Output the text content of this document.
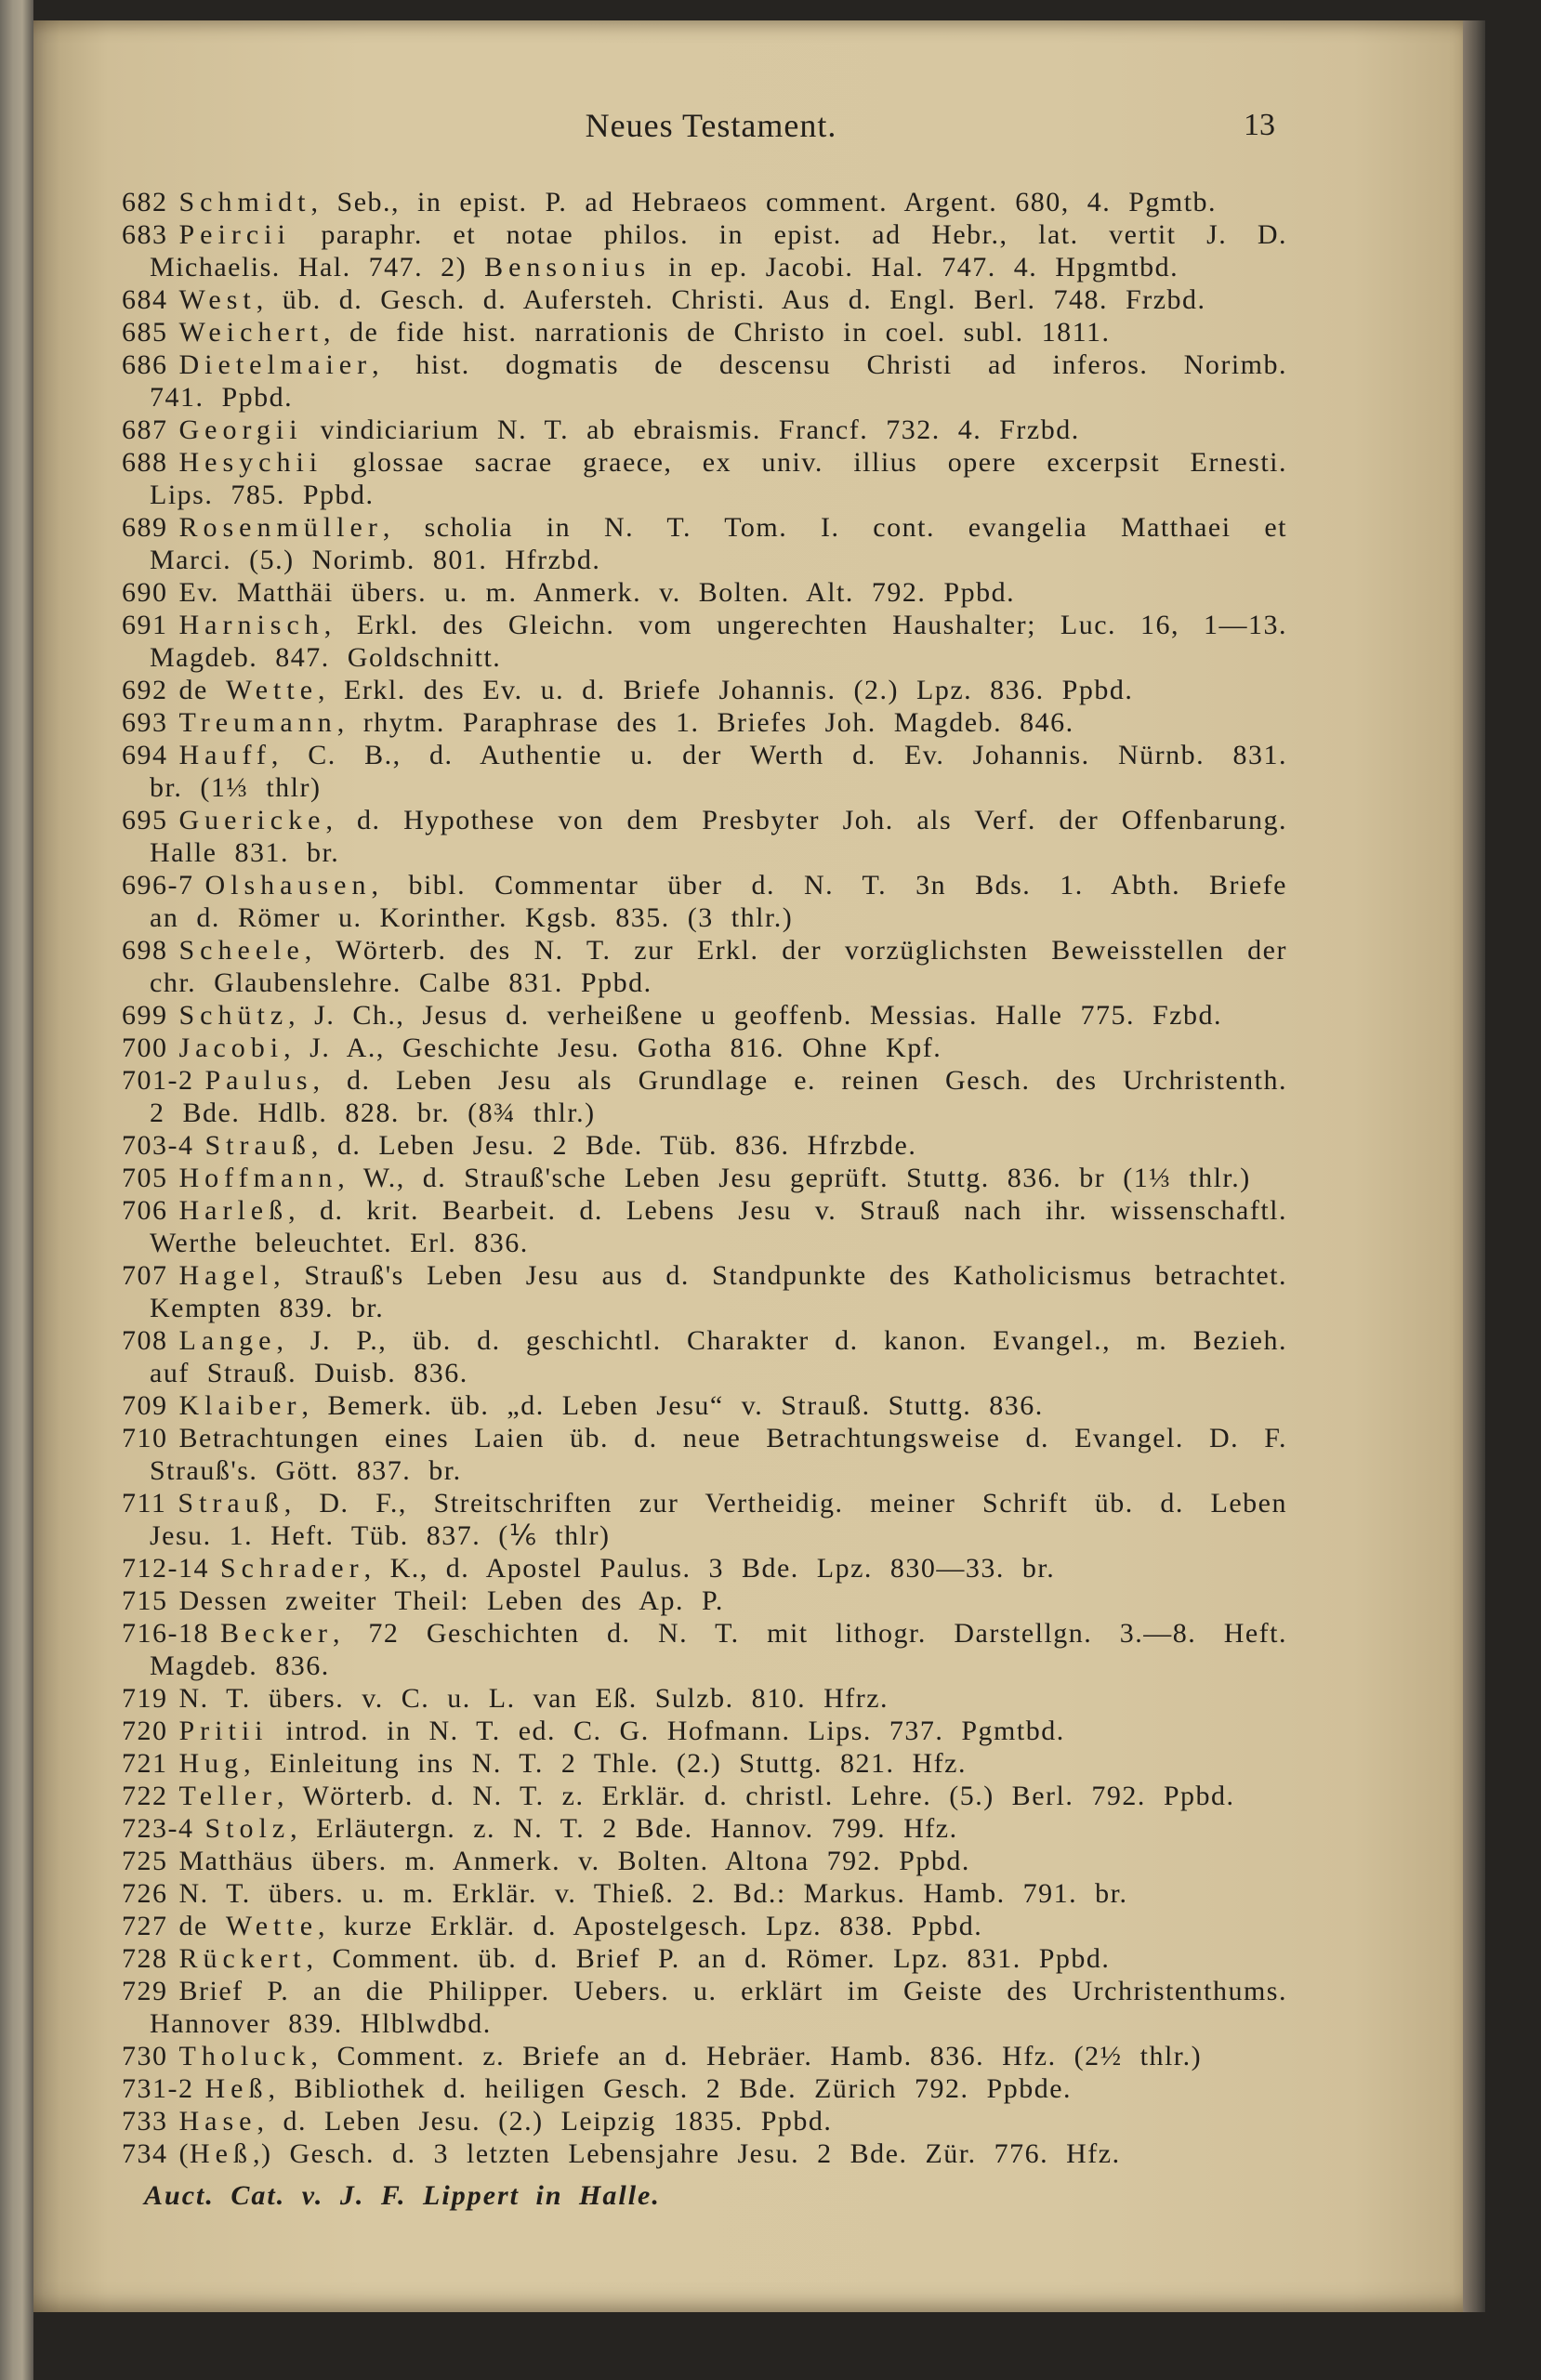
Neues Testament.	13
682 Schmidt, Seb., in epist. P. ad Hebraeos comment. Argent. 680, 4. Pgmtb.
683 Peircii paraphr. et notae philos. in epist. ad Hebr., lat. vertit J. D.
Michaelis. Hal. 747. 2) Bensonius in ep. Jacobi. Hal. 747. 4. Hpgmtbd.
684 West, üb. d. Gesch. d. Aufersteh. Christi. Aus d. Engl. Berl. 748. Frzbd.
685 Weichert, de fide hist. narrationis de Christo in coel. subl. 1811.
686 Dietelmaier, hist. dogmatis de descensu Christi ad inferos. Norimb.
741. Ppbd.
687 Georgii vindiciarium N. T. ab ebraismis. Francf. 732. 4. Frzbd.
688 Hesychii glossae sacrae graece, ex univ. illius opere excerpsit Ernesti.
Lips. 785. Ppbd.
689 Rosenmüller, scholia in N. T. Tom. I. cont. evangelia Matthaei et
Marci. (5.) Norimb. 801. Hfrzbd.
690 Ev. Matthäi übers. u. m. Anmerk. v. Bolten. Alt. 792. Ppbd.
691 Harnisch, Erkl. des Gleichn. vom ungerechten Haushalter; Luc. 16, 1—13.
Magdeb. 847. Goldschnitt.
692 de Wette, Erkl. des Ev. u. d. Briefe Johannis. (2.) Lpz. 836. Ppbd.
693 Treumann, rhytm. Paraphrase des 1. Briefes Joh. Magdeb. 846.
694 Hauff, C. B., d. Authentie u. der Werth d. Ev. Johannis. Nürnb. 831.
br. (1⅓ thlr)
695 Guericke, d. Hypothese von dem Presbyter Joh. als Verf. der Offenbarung.
Halle 831. br.
696-7 Olshausen, bibl. Commentar über d. N. T. 3n Bds. 1. Abth. Briefe
an d. Römer u. Korinther. Kgsb. 835. (3 thlr.)
698 Scheele, Wörterb. des N. T. zur Erkl. der vorzüglichsten Beweisstellen der
chr. Glaubenslehre. Calbe 831. Ppbd.
699 Schütz, J. Ch., Jesus d. verheißene u geoffenb. Messias. Halle 775. Fzbd.
700 Jacobi, J. A., Geschichte Jesu. Gotha 816. Ohne Kpf.
701-2 Paulus, d. Leben Jesu als Grundlage e. reinen Gesch. des Urchristenth.
2 Bde. Hdlb. 828. br. (8¾ thlr.)
703-4 Strauß, d. Leben Jesu. 2 Bde. Tüb. 836. Hfrzbde.
705 Hoffmann, W., d. Strauß'sche Leben Jesu geprüft. Stuttg. 836. br (1⅓ thlr.)
706 Harleß, d. krit. Bearbeit. d. Lebens Jesu v. Strauß nach ihr. wissenschaftl.
Werthe beleuchtet. Erl. 836.
707 Hagel, Strauß's Leben Jesu aus d. Standpunkte des Katholicismus betrachtet.
Kempten 839. br.
708 Lange, J. P., üb. d. geschichtl. Charakter d. kanon. Evangel., m. Bezieh.
auf Strauß. Duisb. 836.
709 Klaiber, Bemerk. üb. „d. Leben Jesu“ v. Strauß. Stuttg. 836.
710 Betrachtungen eines Laien üb. d. neue Betrachtungsweise d. Evangel. D. F.
Strauß's. Gött. 837. br.
711 Strauß, D. F., Streitschriften zur Vertheidig. meiner Schrift üb. d. Leben
Jesu. 1. Heft. Tüb. 837. (⅙ thlr)
712-14 Schrader, K., d. Apostel Paulus. 3 Bde. Lpz. 830—33. br.
715 Dessen zweiter Theil: Leben des Ap. P.
716-18 Becker, 72 Geschichten d. N. T. mit lithogr. Darstellgn. 3.—8. Heft.
Magdeb. 836.
719 N. T. übers. v. C. u. L. van Eß. Sulzb. 810. Hfrz.
720 Pritii introd. in N. T. ed. C. G. Hofmann. Lips. 737. Pgmtbd.
721 Hug, Einleitung ins N. T. 2 Thle. (2.) Stuttg. 821. Hfz.
722 Teller, Wörterb. d. N. T. z. Erklär. d. christl. Lehre. (5.) Berl. 792. Ppbd.
723-4 Stolz, Erläutergn. z. N. T. 2 Bde. Hannov. 799. Hfz.
725 Matthäus übers. m. Anmerk. v. Bolten. Altona 792. Ppbd.
726 N. T. übers. u. m. Erklär. v. Thieß. 2. Bd.: Markus. Hamb. 791. br.
727 de Wette, kurze Erklär. d. Apostelgesch. Lpz. 838. Ppbd.
728 Rückert, Comment. üb. d. Brief P. an d. Römer. Lpz. 831. Ppbd.
729 Brief P. an die Philipper. Uebers. u. erklärt im Geiste des Urchristenthums.
Hannover 839. Hlblwdbd.
730 Tholuck, Comment. z. Briefe an d. Hebräer. Hamb. 836. Hfz. (2½ thlr.)
731-2 Heß, Bibliothek d. heiligen Gesch. 2 Bde. Zürich 792. Ppbde.
733 Hase, d. Leben Jesu. (2.) Leipzig 1835. Ppbd.
734 (Heß,) Gesch. d. 3 letzten Lebensjahre Jesu. 2 Bde. Zür. 776. Hfz.
Auct. Cat. v. J. F. Lippert in Halle.
